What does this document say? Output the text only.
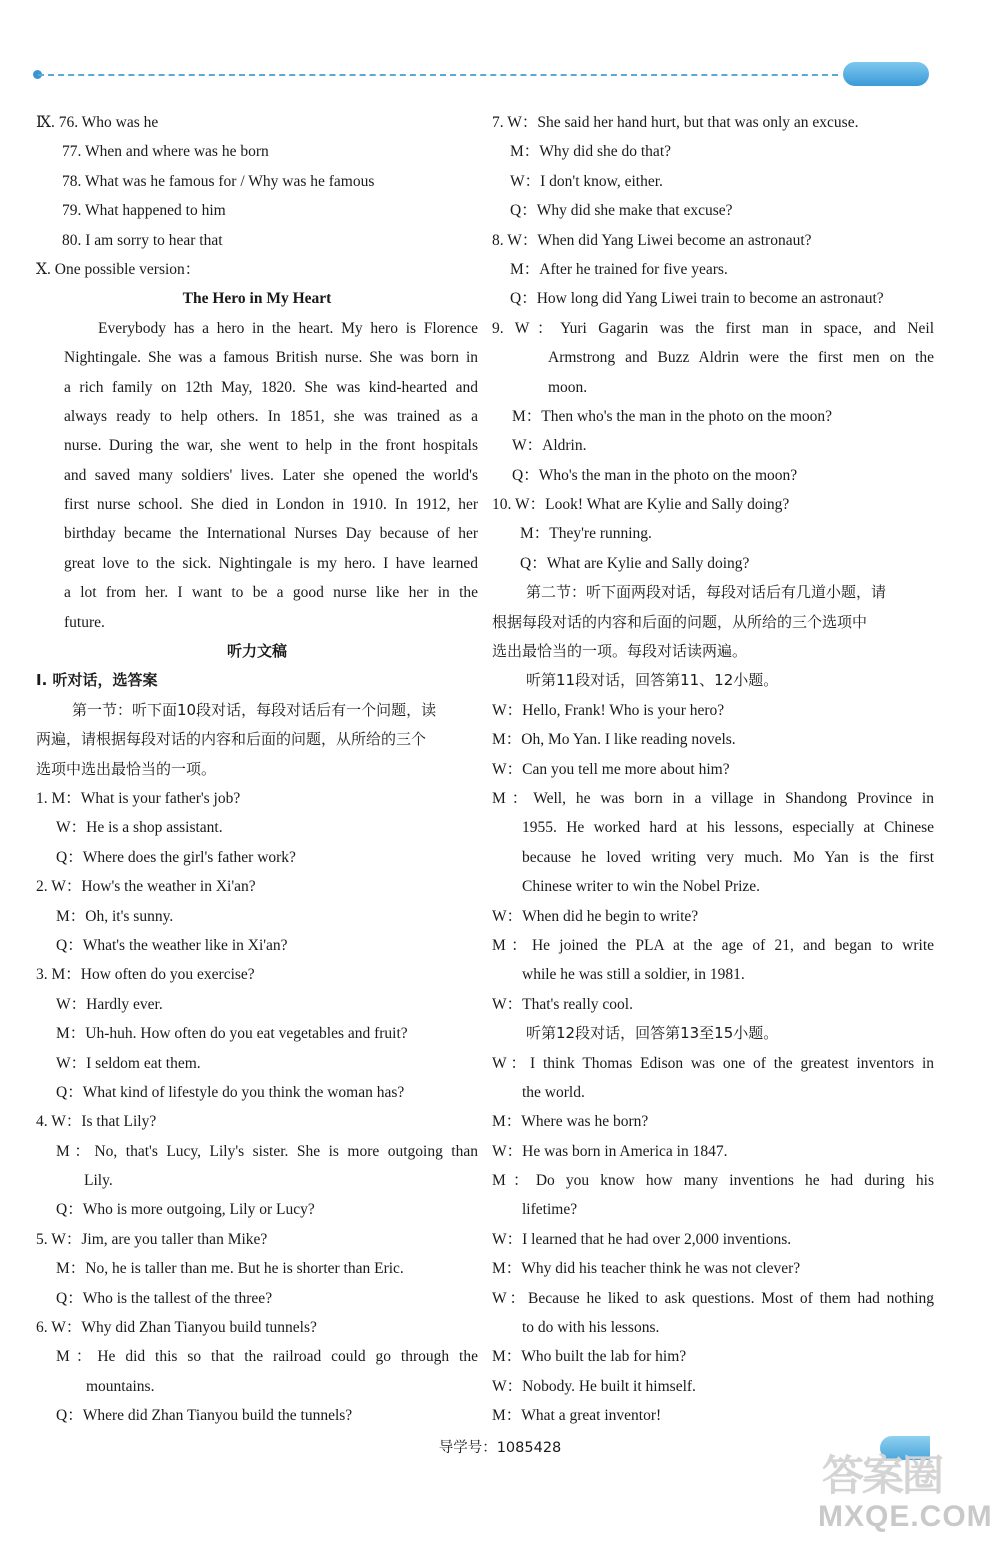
Ⅸ. 76. Who was he
77. When and where was he born
78. What was he famous for / Why was he famous
79. What happened to him
80. I am sorry to hear that
Ⅹ. One possible version：
The Hero in My Heart
Everybody has a hero in the heart. My hero is Florence
Nightingale. She was a famous British nurse. She was born in
a rich family on 12th May, 1820. She was kind-hearted and
always ready to help others. In 1851, she was trained as a
nurse. During the war, she went to help in the front hospitals
and saved many soldiers' lives. Later she opened the world's
first nurse school. She died in London in 1910. In 1912, her
birthday became the International Nurses Day because of her
great love to the sick. Nightingale is my hero. I have learned
a lot from her. I want to be a good nurse like her in the
future.
听力文稿
Ⅰ. 听对话，选答案
第一节：听下面10段对话，每段对话后有一个问题，读
两遍，请根据每段对话的内容和后面的问题，从所给的三个
选项中选出最恰当的一项。
1. M：What is your father's job?
W：He is a shop assistant.
Q：Where does the girl's father work?
2. W：How's the weather in Xi'an?
M：Oh, it's sunny.
Q：What's the weather like in Xi'an?
3. M：How often do you exercise?
W：Hardly ever.
M：Uh-huh. How often do you eat vegetables and fruit?
W：I seldom eat them.
Q：What kind of lifestyle do you think the woman has?
4. W：Is that Lily?
M：No, that's Lucy, Lily's sister. She is more outgoing than
Lily.
Q：Who is more outgoing, Lily or Lucy?
5. W：Jim, are you taller than Mike?
M：No, he is taller than me. But he is shorter than Eric.
Q：Who is the tallest of the three?
6. W：Why did Zhan Tianyou build tunnels?
M：He did this so that the railroad could go through the
mountains.
Q：Where did Zhan Tianyou build the tunnels?
7. W：She said her hand hurt, but that was only an excuse.
M：Why did she do that?
W：I don't know, either.
Q：Why did she make that excuse?
8. W：When did Yang Liwei become an astronaut?
M：After he trained for five years.
Q：How long did Yang Liwei train to become an astronaut?
9. W：Yuri Gagarin was the first man in space, and Neil
Armstrong and Buzz Aldrin were the first men on the
moon.
M：Then who's the man in the photo on the moon?
W：Aldrin.
Q：Who's the man in the photo on the moon?
10. W：Look! What are Kylie and Sally doing?
M：They're running.
Q：What are Kylie and Sally doing?
第二节：听下面两段对话，每段对话后有几道小题，请
根据每段对话的内容和后面的问题，从所给的三个选项中
选出最恰当的一项。每段对话读两遍。
听第11段对话，回答第11、12小题。
W：Hello, Frank! Who is your hero?
M：Oh, Mo Yan. I like reading novels.
W：Can you tell me more about him?
M：Well, he was born in a village in Shandong Province in
1955. He worked hard at his lessons, especially at Chinese
because he loved writing very much. Mo Yan is the first
Chinese writer to win the Nobel Prize.
W：When did he begin to write?
M：He joined the PLA at the age of 21, and began to write
while he was still a soldier, in 1981.
W：That's really cool.
听第12段对话，回答第13至15小题。
W：I think Thomas Edison was one of the greatest inventors in
the world.
M：Where was he born?
W：He was born in America in 1847.
M：Do you know how many inventions he had during his
lifetime?
W：I learned that he had over 2,000 inventions.
M：Why did his teacher think he was not clever?
W：Because he liked to ask questions. Most of them had nothing
to do with his lessons.
M：Who built the lab for him?
W：Nobody. He built it himself.
M：What a great inventor!
导学号：1085428
答案圈
MXQE.COM
